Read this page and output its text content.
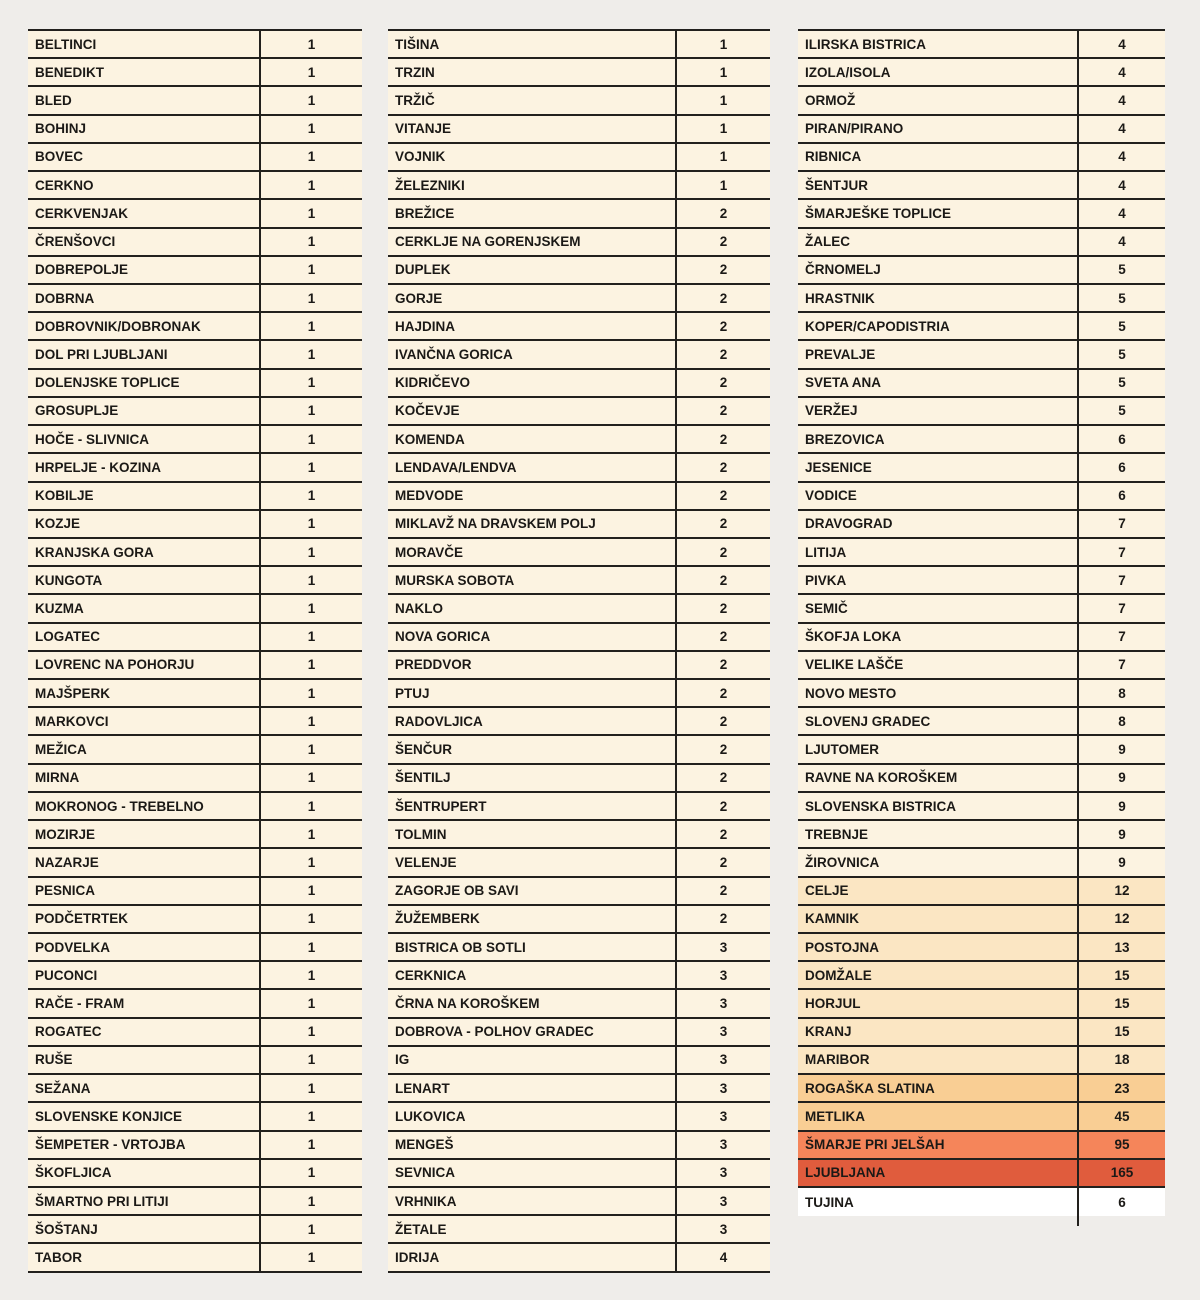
BELTINCI	1
BENEDIKT	1
BLED	1
BOHINJ	1
BOVEC	1
CERKNO	1
CERKVENJAK	1
ČRENŠOVCI	1
DOBREPOLJE	1
DOBRNA	1
DOBROVNIK/DOBRONAK	1
DOL PRI LJUBLJANI	1
DOLENJSKE TOPLICE	1
GROSUPLJE	1
HOČE - SLIVNICA	1
HRPELJE - KOZINA	1
KOBILJE	1
KOZJE	1
KRANJSKA GORA	1
KUNGOTA	1
KUZMA	1
LOGATEC	1
LOVRENC NA POHORJU	1
MAJŠPERK	1
MARKOVCI	1
MEŽICA	1
MIRNA	1
MOKRONOG - TREBELNO	1
MOZIRJE	1
NAZARJE	1
PESNICA	1
PODČETRTEK	1
PODVELKA	1
PUCONCI	1
RAČE - FRAM	1
ROGATEC	1
RUŠE	1
SEŽANA	1
SLOVENSKE KONJICE	1
ŠEMPETER - VRTOJBA	1
ŠKOFLJICA	1
ŠMARTNO PRI LITIJI	1
ŠOŠTANJ	1
TABOR	1
TIŠINA	1
TRZIN	1
TRŽIČ	1
VITANJE	1
VOJNIK	1
ŽELEZNIKI	1
BREŽICE	2
CERKLJE NA GORENJSKEM	2
DUPLEK	2
GORJE	2
HAJDINA	2
IVANČNA GORICA	2
KIDRIČEVO	2
KOČEVJE	2
KOMENDA	2
LENDAVA/LENDVA	2
MEDVODE	2
MIKLAVŽ NA DRAVSKEM POLJ	2
MORAVČE	2
MURSKA SOBOTA	2
NAKLO	2
NOVA GORICA	2
PREDDVOR	2
PTUJ	2
RADOVLJICA	2
ŠENČUR	2
ŠENTILJ	2
ŠENTRUPERT	2
TOLMIN	2
VELENJE	2
ZAGORJE OB SAVI	2
ŽUŽEMBERK	2
BISTRICA OB SOTLI	3
CERKNICA	3
ČRNA NA KOROŠKEM	3
DOBROVA - POLHOV GRADEC	3
IG	3
LENART	3
LUKOVICA	3
MENGEŠ	3
SEVNICA	3
VRHNIKA	3
ŽETALE	3
IDRIJA	4
ILIRSKA BISTRICA	4
IZOLA/ISOLA	4
ORMOŽ	4
PIRAN/PIRANO	4
RIBNICA	4
ŠENTJUR	4
ŠMARJEŠKE TOPLICE	4
ŽALEC	4
ČRNOMELJ	5
HRASTNIK	5
KOPER/CAPODISTRIA	5
PREVALJE	5
SVETA ANA	5
VERŽEJ	5
BREZOVICA	6
JESENICE	6
VODICE	6
DRAVOGRAD	7
LITIJA	7
PIVKA	7
SEMIČ	7
ŠKOFJA LOKA	7
VELIKE LAŠČE	7
NOVO MESTO	8
SLOVENJ GRADEC	8
LJUTOMER	9
RAVNE NA KOROŠKEM	9
SLOVENSKA BISTRICA	9
TREBNJE	9
ŽIROVNICA	9
CELJE	12
KAMNIK	12
POSTOJNA	13
DOMŽALE	15
HORJUL	15
KRANJ	15
MARIBOR	18
ROGAŠKA SLATINA	23
METLIKA	45
ŠMARJE PRI JELŠAH	95
LJUBLJANA	165
TUJINA	6
